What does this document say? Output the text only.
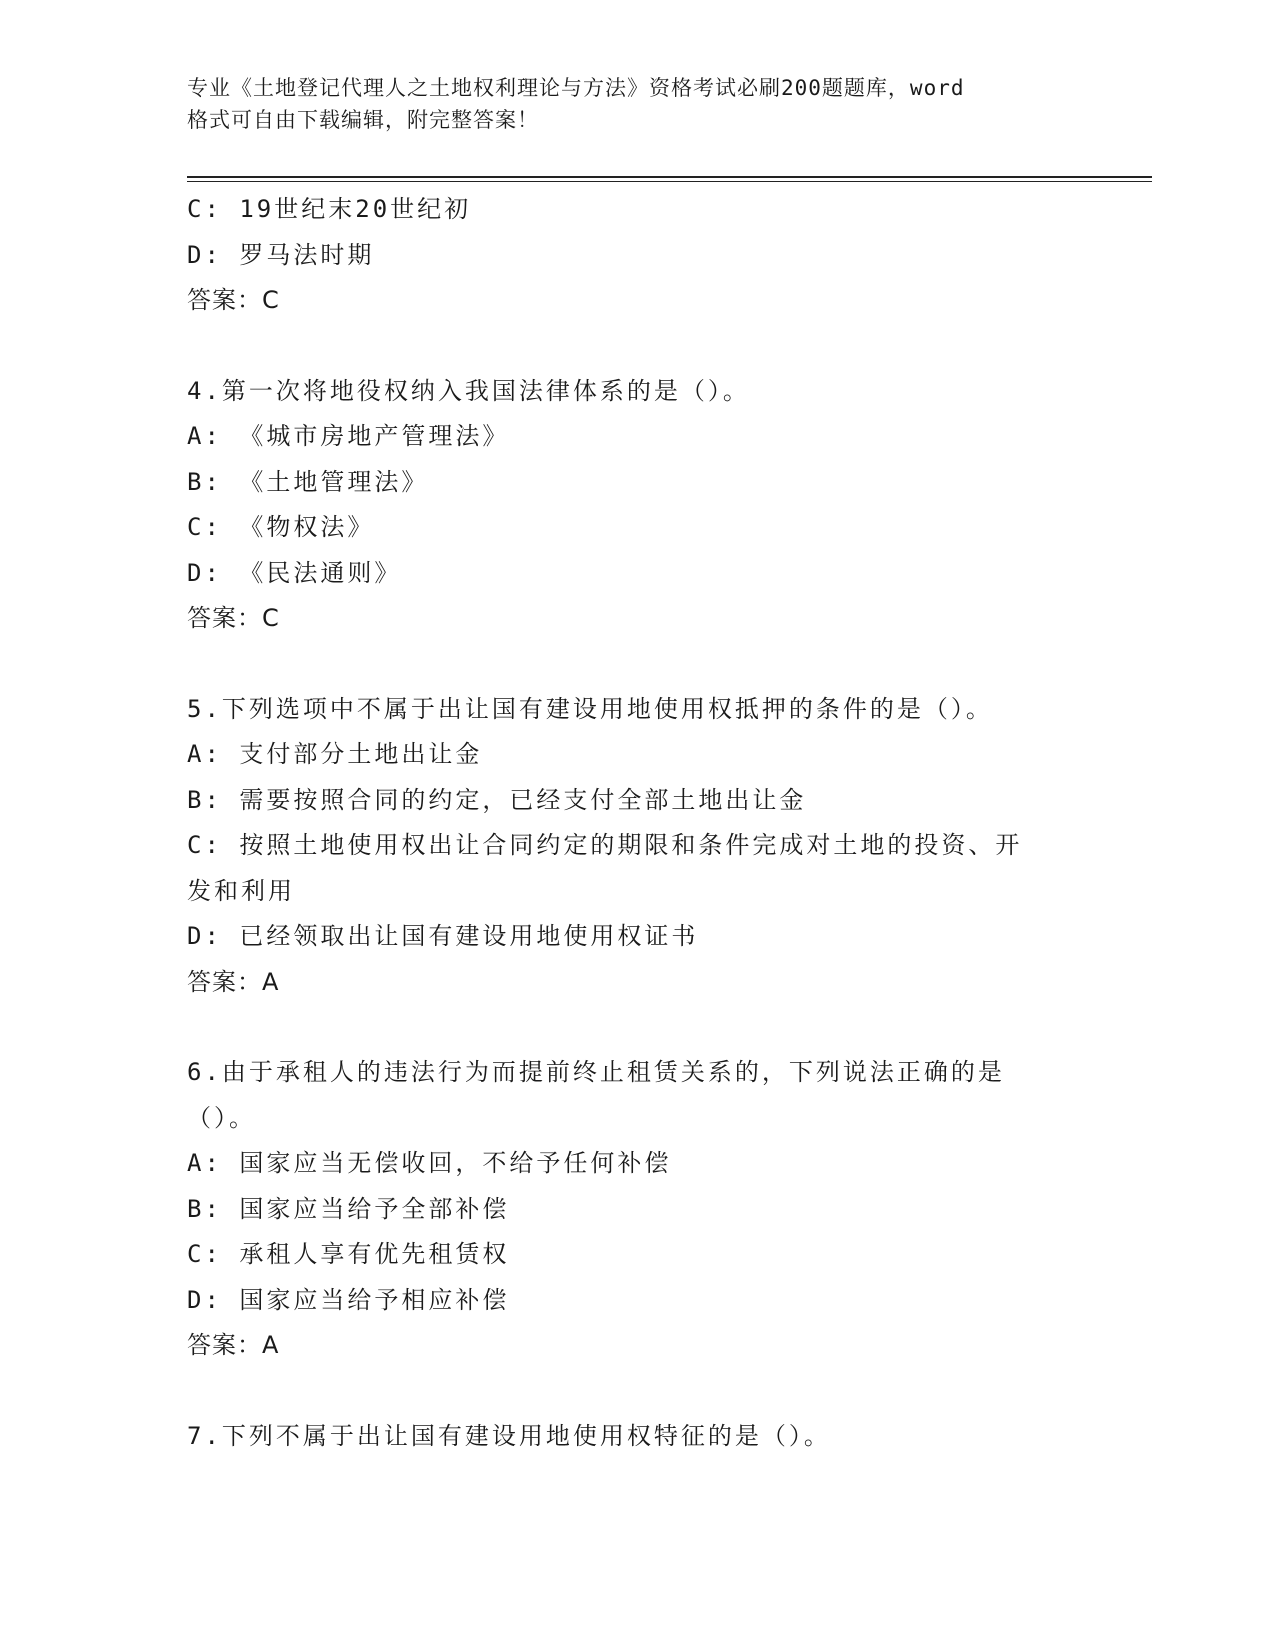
专业《土地登记代理人之土地权利理论与方法》资格考试必刷200题题库，word
格式可自由下载编辑，附完整答案！
C: 19世纪末20世纪初
D: 罗马法时期
答案：C
4.第一次将地役权纳入我国法律体系的是（）。
A: 《城市房地产管理法》
B: 《土地管理法》
C: 《物权法》
D: 《民法通则》
答案：C
5.下列选项中不属于出让国有建设用地使用权抵押的条件的是（）。
A: 支付部分土地出让金
B: 需要按照合同的约定，已经支付全部土地出让金
C: 按照土地使用权出让合同约定的期限和条件完成对土地的投资、开
发和利用
D: 已经领取出让国有建设用地使用权证书
答案：A
6.由于承租人的违法行为而提前终止租赁关系的，下列说法正确的是
（）。
A: 国家应当无偿收回，不给予任何补偿
B: 国家应当给予全部补偿
C: 承租人享有优先租赁权
D: 国家应当给予相应补偿
答案：A
7.下列不属于出让国有建设用地使用权特征的是（）。
